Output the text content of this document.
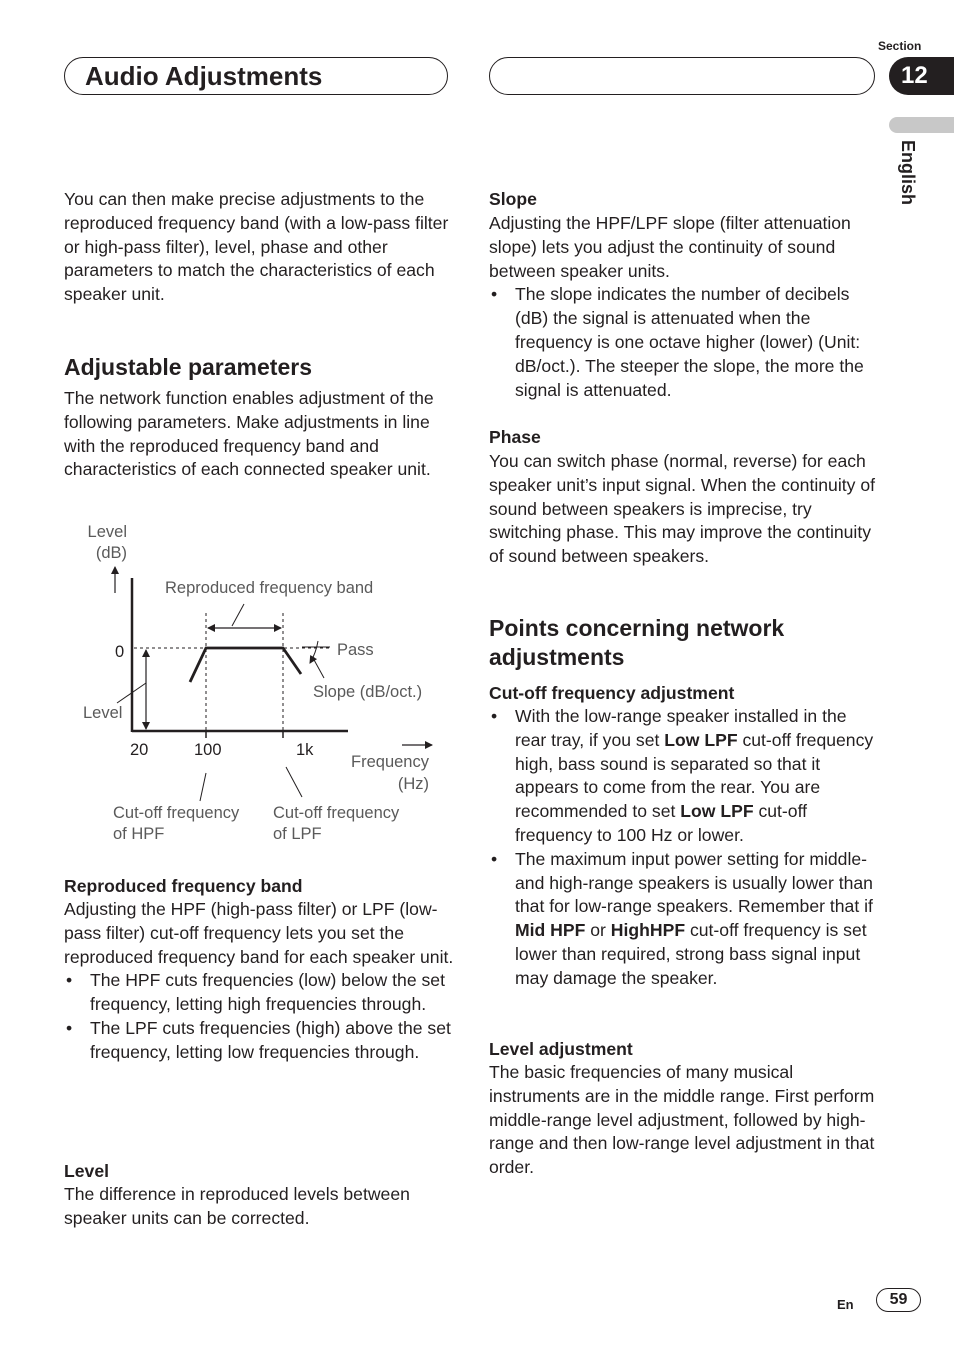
Audio Adjustments
Section
12
English
You can then make precise adjustments to the reproduced frequency band (with a low-pass filter or high-pass filter), level, phase and other parameters to match the characteristics of each speaker unit.
Adjustable parameters
The network function enables adjustment of the following parameters. Make adjustments in line with the reproduced frequency band and characteristics of each connected speaker unit.
Level
(dB)
Reproduced frequency band
0	Pass
Slope (dB/oct.)
Level
20	100	1k
Frequency
(Hz)
Cut-off frequency
of HPF
Cut-off frequency
of LPF
Reproduced frequency band

Adjusting the HPF (high-pass filter) or LPF (low-pass filter) cut-off frequency lets you set the reproduced frequency band for each speaker unit.

• The HPF cuts frequencies (low) below the set frequency, letting high frequencies through.
• The LPF cuts frequencies (high) above the set frequency, letting low frequencies through.
Level
The difference in reproduced levels between speaker units can be corrected.
Slope

Adjusting the HPF/LPF slope (filter attenuation slope) lets you adjust the continuity of sound between speaker units.

• The slope indicates the number of decibels (dB) the signal is attenuated when the frequency is one octave higher (lower) (Unit: dB/oct.). The steeper the slope, the more the signal is attenuated.
Phase
You can switch phase (normal, reverse) for each speaker unit’s input signal. When the continuity of sound between speakers is imprecise, try switching phase. This may improve the continuity of sound between speakers.
Points concerning network
adjustments
Cut-off frequency adjustment
• With the low-range speaker installed in the rear tray, if you set Low LPF cut-off frequency high, bass sound is separated so that it appears to come from the rear. You are recommended to set Low LPF cut-off frequency to 100 Hz or lower.
• The maximum input power setting for middle- and high-range speakers is usually lower than that for low-range speakers. Remember that if Mid HPF or HighHPF cut-off frequency is set lower than required, strong bass signal input may damage the speaker.
Level adjustment
The basic frequencies of many musical instruments are in the middle range. First perform middle-range level adjustment, followed by high-range and then low-range level adjustment in that order.
En	59
